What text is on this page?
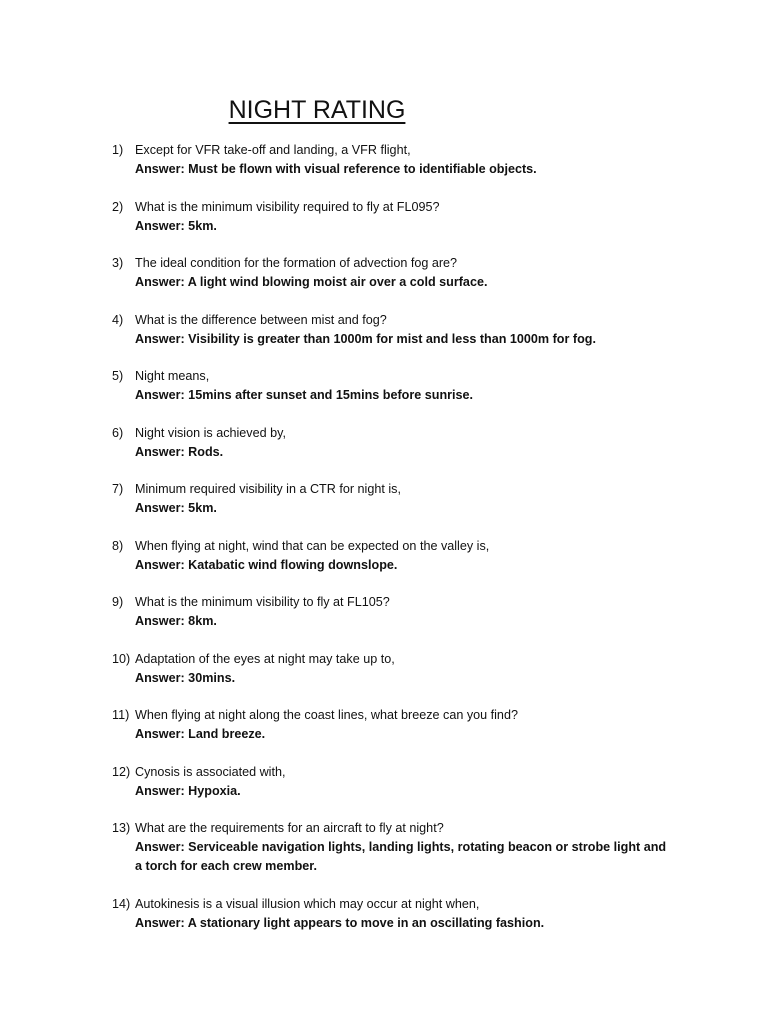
NIGHT RATING
1) Except for VFR take-off and landing, a VFR flight,
Answer: Must be flown with visual reference to identifiable objects.
2) What is the minimum visibility required to fly at FL095?
Answer: 5km.
3) The ideal condition for the formation of advection fog are?
Answer: A light wind blowing moist air over a cold surface.
4) What is the difference between mist and fog?
Answer: Visibility is greater than 1000m for mist and less than 1000m for fog.
5) Night means,
Answer: 15mins after sunset and 15mins before sunrise.
6) Night vision is achieved by,
Answer: Rods.
7) Minimum required visibility in a CTR for night is,
Answer: 5km.
8) When flying at night, wind that can be expected on the valley is,
Answer: Katabatic wind flowing downslope.
9) What is the minimum visibility to fly at FL105?
Answer: 8km.
10) Adaptation of the eyes at night may take up to,
Answer: 30mins.
11) When flying at night along the coast lines, what breeze can you find?
Answer: Land breeze.
12) Cynosis is associated with,
Answer: Hypoxia.
13) What are the requirements for an aircraft to fly at night?
Answer: Serviceable navigation lights, landing lights, rotating beacon or strobe light and a torch for each crew member.
14) Autokinesis is a visual illusion which may occur at night when,
Answer: A stationary light appears to move in an oscillating fashion.
